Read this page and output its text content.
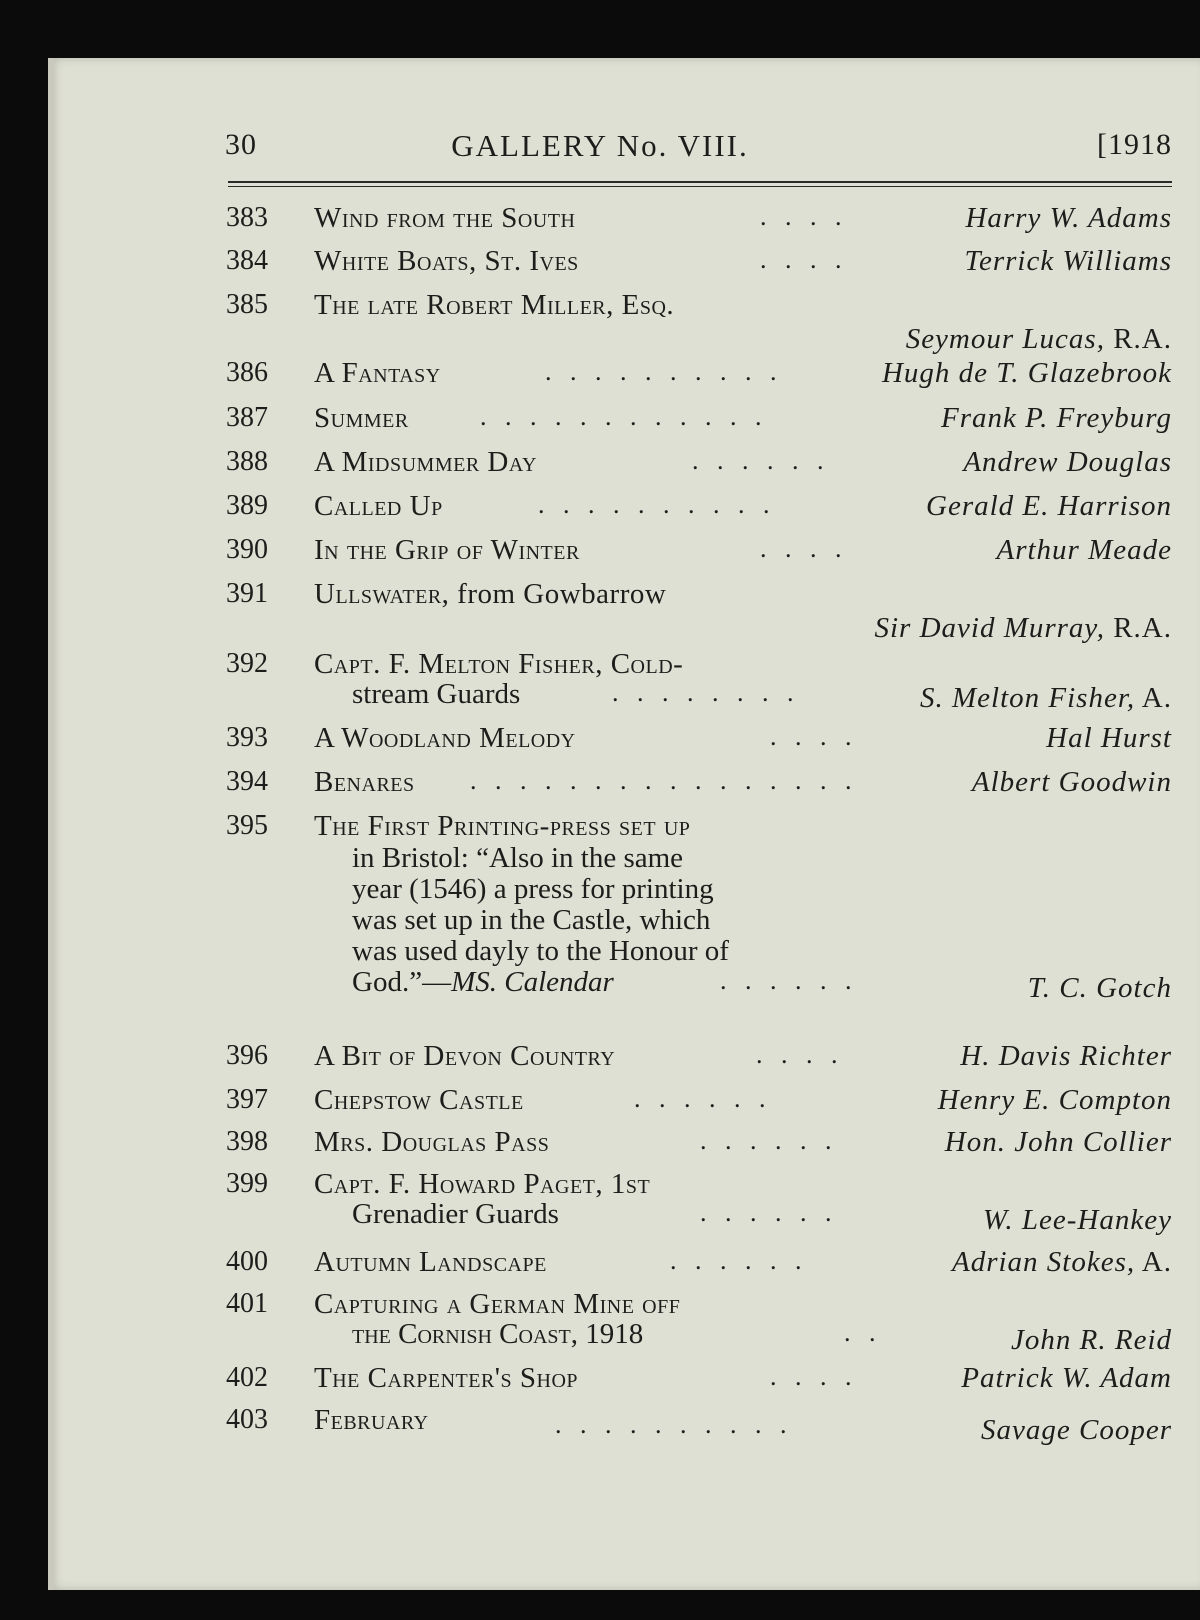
30	GALLERY No. VIII.	[1918
383 Wind from the South	. . . .	Harry W. Adams
384 White Boats, St. Ives	. . . .	Terrick Williams
385 The late Robert Miller, Esq.
Seymour Lucas, R.A.
386 A Fantasy	. . . . . . . . . .	Hugh de T. Glazebrook
387 Summer	. . . . . . . . . . . .	Frank P. Freyburg
388 A Midsummer Day	. . . . . .	Andrew Douglas
389 Called Up	. . . . . . . . . .	Gerald E. Harrison
390 In the Grip of Winter	. . . .	Arthur Meade
391 Ullswater, from Gowbarrow
Sir David Murray, R.A.
392 Capt. F. Melton Fisher, Cold-
stream Guards	. . . . . . . .	S. Melton Fisher, A.
393 A Woodland Melody	. . . .	Hal Hurst
394 Benares . . . . . . . . . . . . . . . .	Albert Goodwin
395 The First Printing-press set up
in Bristol: “Also in the same
year (1546) a press for printing
was set up in the Castle, which
was used dayly to the Honour of
God.”—MS. Calendar	. . . . . .	T. C. Gotch
396 A Bit of Devon Country	. . . .	H. Davis Richter
397 Chepstow Castle	. . . . . .	Henry E. Compton
398 Mrs. Douglas Pass	. . . . . .	Hon. John Collier
399 Capt. F. Howard Paget, 1st
Grenadier Guards	. . . . . .	W. Lee-Hankey
400 Autumn Landscape	. . . . . .	Adrian Stokes, A.
401 Capturing a German Mine off
the Cornish Coast, 1918	. .	John R. Reid
402 The Carpenter's Shop	. . . .	Patrick W. Adam
403 February	. . . . . . . . . .	Savage Cooper
